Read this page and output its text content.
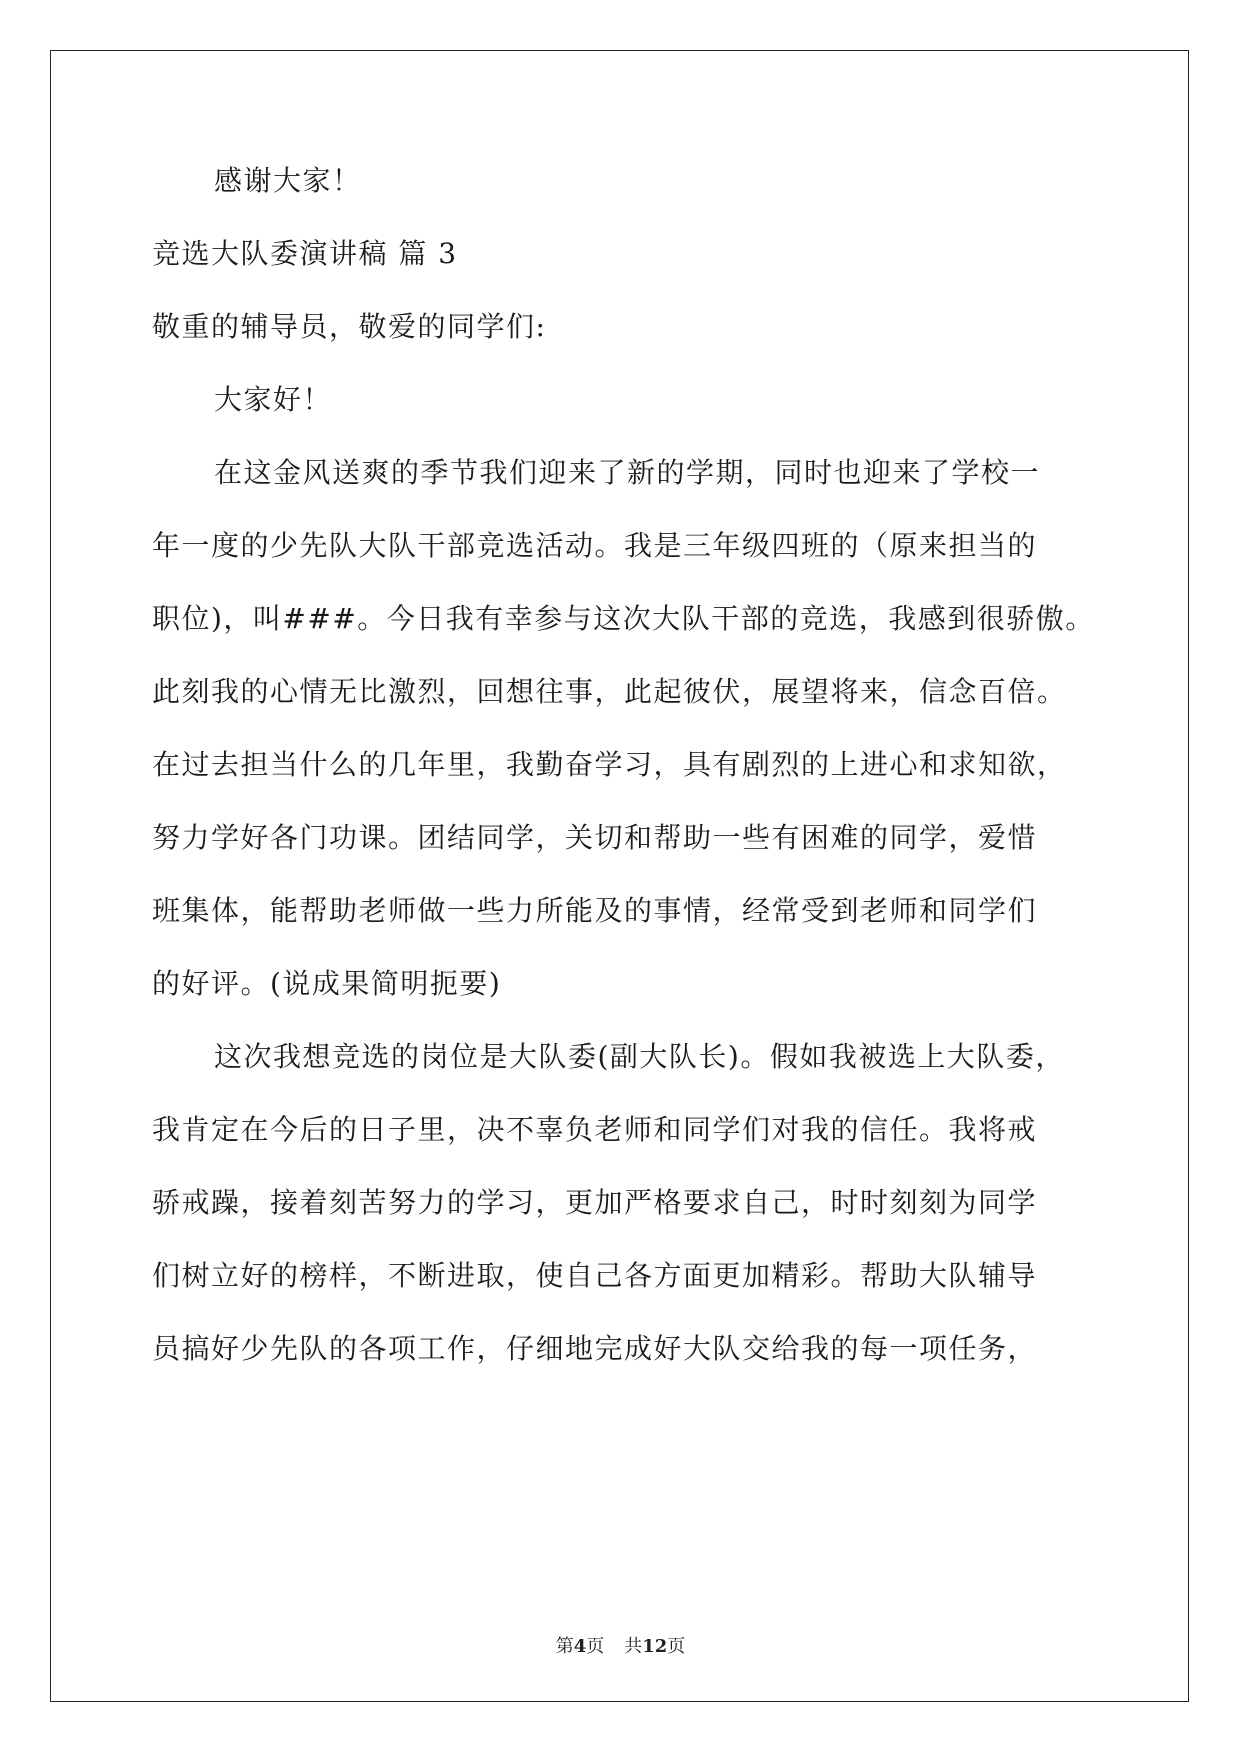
感谢大家！
竞选大队委演讲稿 篇 3
敬重的辅导员，敬爱的同学们:
大家好！
在这金风送爽的季节我们迎来了新的学期，同时也迎来了学校一
年一度的少先队大队干部竞选活动。我是三年级四班的（原来担当的
职位)，叫###。今日我有幸参与这次大队干部的竞选，我感到很骄傲。
此刻我的心情无比激烈，回想往事，此起彼伏，展望将来，信念百倍。
在过去担当什么的几年里，我勤奋学习，具有剧烈的上进心和求知欲，
努力学好各门功课。团结同学，关切和帮助一些有困难的同学，爱惜
班集体，能帮助老师做一些力所能及的事情，经常受到老师和同学们
的好评。(说成果简明扼要)
这次我想竞选的岗位是大队委(副大队长)。假如我被选上大队委，
我肯定在今后的日子里，决不辜负老师和同学们对我的信任。我将戒
骄戒躁，接着刻苦努力的学习，更加严格要求自己，时时刻刻为同学
们树立好的榜样，不断进取，使自己各方面更加精彩。帮助大队辅导
员搞好少先队的各项工作，仔细地完成好大队交给我的每一项任务，
第4页 共12页
